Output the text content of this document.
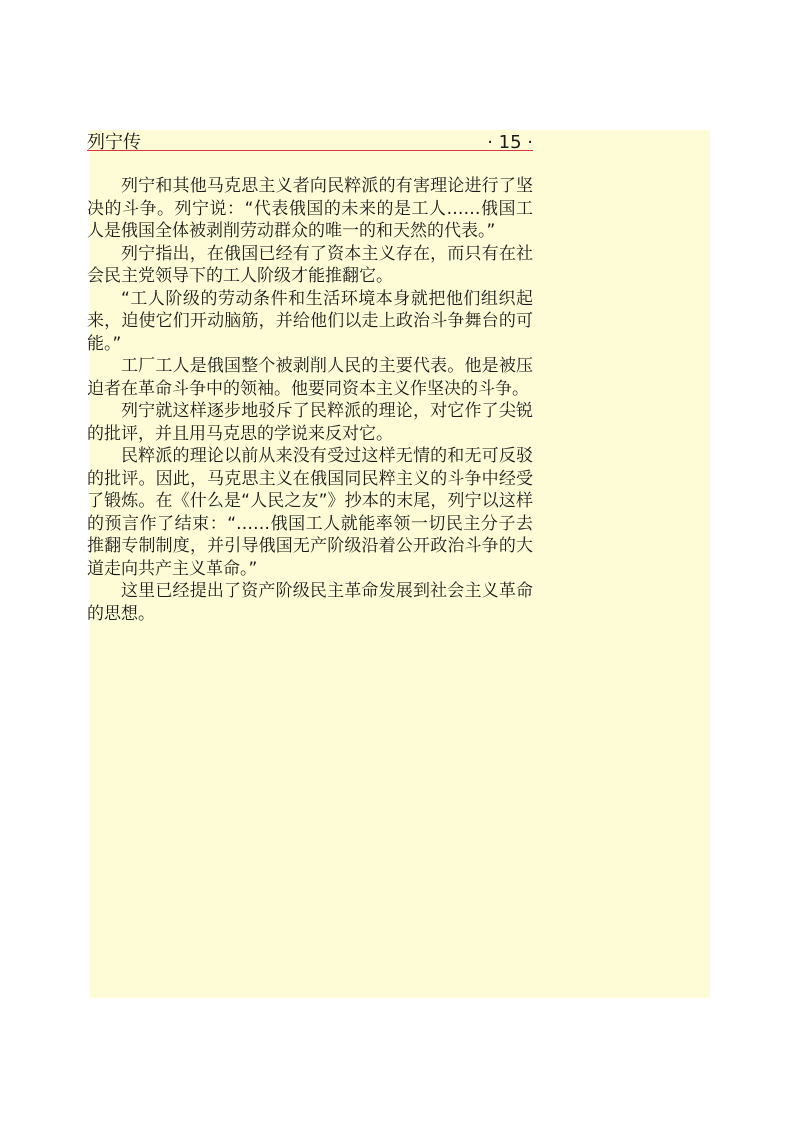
列宁传	· 15 ·

列宁和其他马克思主义者向民粹派的有害理论进行了坚决的斗争。列宁说：“代表俄国的未来的是工人……俄国工人是俄国全体被剥削劳动群众的唯一的和天然的代表。”

列宁指出，在俄国已经有了资本主义存在，而只有在社会民主党领导下的工人阶级才能推翻它。

“工人阶级的劳动条件和生活环境本身就把他们组织起来，迫使它们开动脑筋，并给他们以走上政治斗争舞台的可能。”

工厂工人是俄国整个被剥削人民的主要代表。他是被压迫者在革命斗争中的领袖。他要同资本主义作坚决的斗争。

列宁就这样逐步地驳斥了民粹派的理论，对它作了尖锐的批评，并且用马克思的学说来反对它。

民粹派的理论以前从来没有受过这样无情的和无可反驳的批评。因此，马克思主义在俄国同民粹主义的斗争中经受了锻炼。在《什么是“人民之友”》抄本的末尾，列宁以这样的预言作了结束：“……俄国工人就能率领一切民主分子去推翻专制制度，并引导俄国无产阶级沿着公开政治斗争的大道走向共产主义革命。”

这里已经提出了资产阶级民主革命发展到社会主义革命的思想。
